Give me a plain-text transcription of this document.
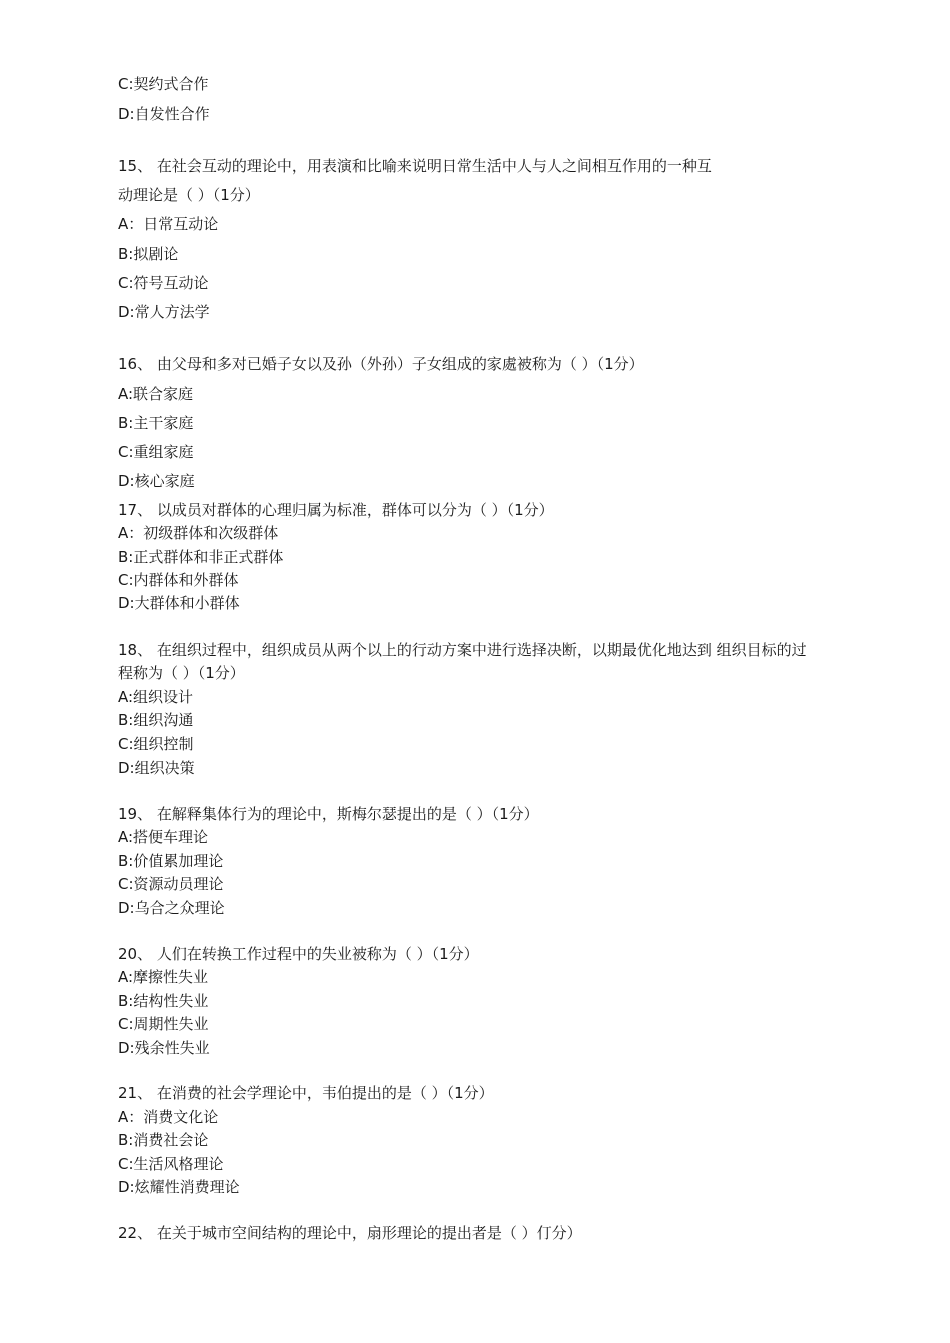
C:契约式合作
D:自发性合作
15、 在社会互动的理论中，用表演和比喻来说明日常生活中人与人之间相互作用的一种互
动理论是（ ）（1分）
A：日常互动论
B:拟剧论
C:符号互动论
D:常人方法学
16、 由父母和多对已婚子女以及孙（外孙）子女组成的家處被称为（ ）（1分）
A:联合家庭
B:主干家庭
C:重组家庭
D:核心家庭
17、 以成员对群体的心理归属为标准，群体可以分为（ ）（1分）
A：初级群体和次级群体
B:正式群体和非正式群体
C:内群体和外群体
D:大群体和小群体
18、 在组织过程中，组织成员从两个以上的行动方案中进行选择决断，以期最优化地达到 组织目标的过
程称为（ ）（1分）
A:组织设计
B:组织沟通
C:组织控制
D:组织决策
19、 在解释集体行为的理论中，斯梅尔瑟提出的是（ ）（1分）
A:搭便车理论
B:价值累加理论
C:资源动员理论
D:乌合之众理论
20、 人们在转换工作过程中的失业被称为（ ）（1分）
A:摩擦性失业
B:结构性失业
C:周期性失业
D:残余性失业
21、 在消费的社会学理论中，韦伯提出的是（ ）（1分）
A：消费文化论
B:消费社会论
C:生活风格理论
D:炫耀性消费理论
22、 在关于城市空间结构的理论中，扇形理论的提出者是（ ）仃分）
